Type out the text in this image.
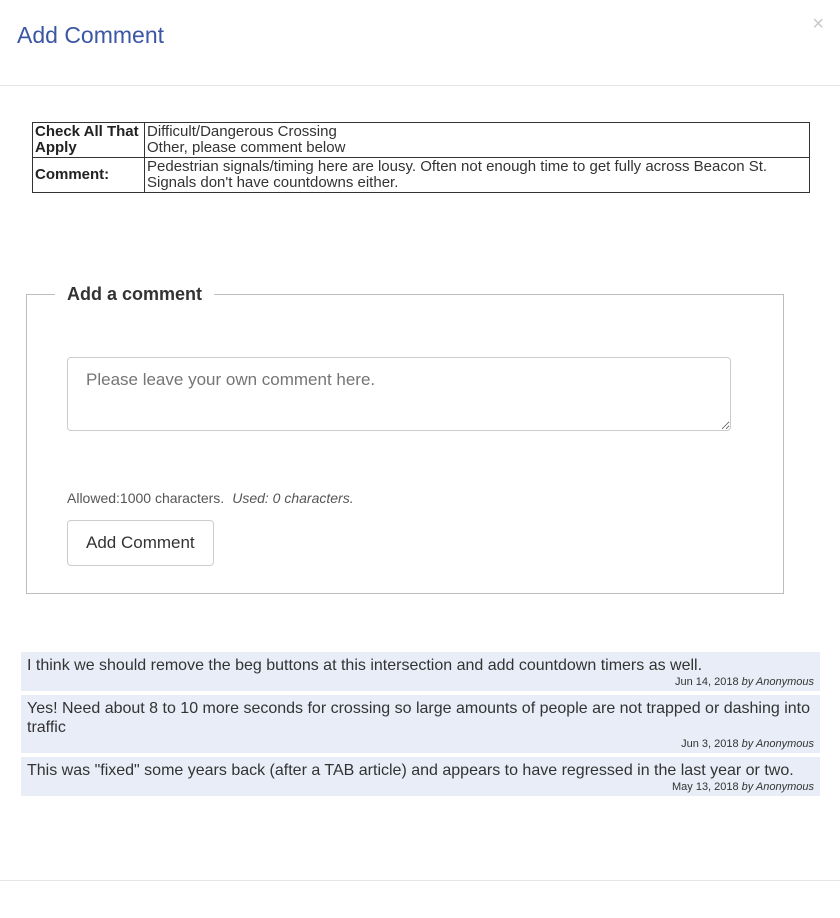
Add Comment	×
Check All That Apply	Difficult/Dangerous Crossing
Other, please comment below

Comment:	Pedestrian signals/timing here are lousy. Often not enough time to get fully across Beacon St. Signals don't have countdowns either.
Add a comment
Please leave your own comment here.
Allowed:1000 characters. Used: 0 characters.
Add Comment
I think we should remove the beg buttons at this intersection and add countdown timers as well.
Jun 14, 2018 by Anonymous
Yes! Need about 8 to 10 more seconds for crossing so large amounts of people are not trapped or dashing into traffic
Jun 3, 2018 by Anonymous
This was "fixed" some years back (after a TAB article) and appears to have regressed in the last year or two.
May 13, 2018 by Anonymous
